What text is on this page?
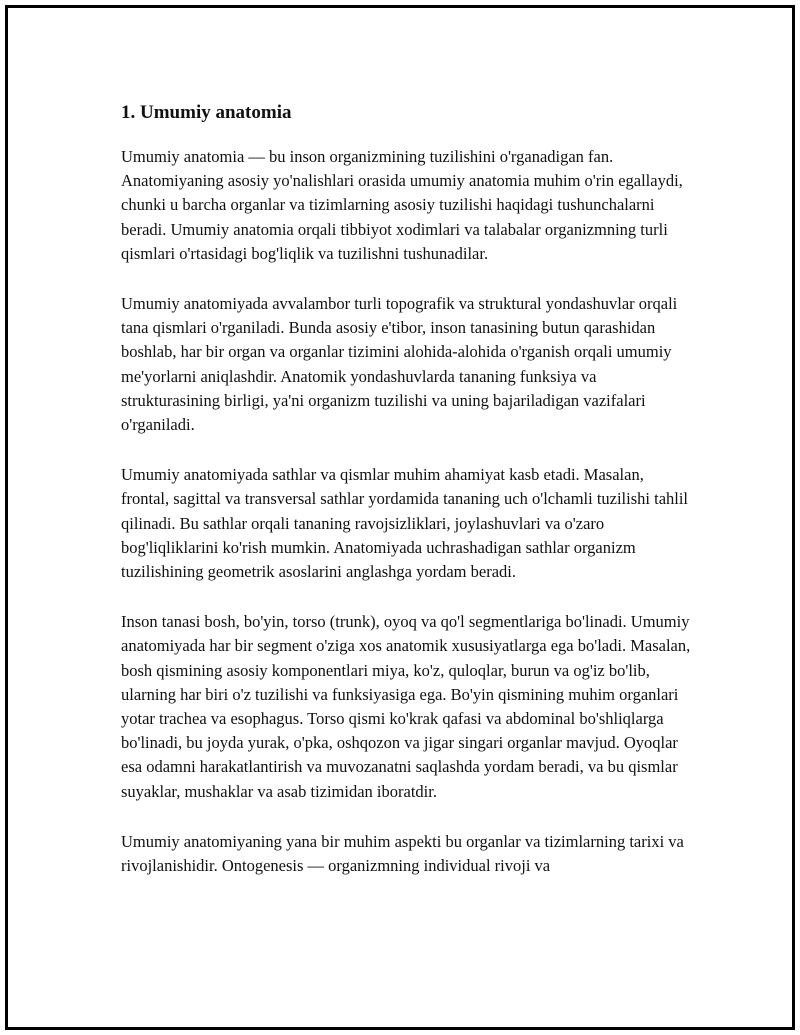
1. Umumiy anatomia

Umumiy anatomia — bu inson organizmining tuzilishini o'rganadigan fan. Anatomiyaning asosiy yo'nalishlari orasida umumiy anatomia muhim o'rin egallaydi, chunki u barcha organlar va tizimlarning asosiy tuzilishi haqidagi tushunchalarni beradi. Umumiy anatomia orqali tibbiyot xodimlari va talabalar organizmning turli qismlari o'rtasidagi bog'liqlik va tuzilishni tushunadilar.

Umumiy anatomiyada avvalambor turli topografik va struktural yondashuvlar orqali tana qismlari o'rganiladi. Bunda asosiy e'tibor, inson tanasining butun qarashidan boshlab, har bir organ va organlar tizimini alohida-alohida o'rganish orqali umumiy me'yorlarni aniqlashdir. Anatomik yondashuvlarda tananing funksiya va strukturasining birligi, ya'ni organizm tuzilishi va uning bajariladigan vazifalari o'rganiladi.

Umumiy anatomiyada sathlar va qismlar muhim ahamiyat kasb etadi. Masalan, frontal, sagittal va transversal sathlar yordamida tananing uch o'lchamli tuzilishi tahlil qilinadi. Bu sathlar orqali tananing ravojsizliklari, joylashuvlari va o'zaro bog'liqliklarini ko'rish mumkin. Anatomiyada uchrashadigan sathlar organizm tuzilishining geometrik asoslarini anglashga yordam beradi.

Inson tanasi bosh, bo'yin, torso (trunk), oyoq va qo'l segmentlariga bo'linadi. Umumiy anatomiyada har bir segment o'ziga xos anatomik xususiyatlarga ega bo'ladi. Masalan, bosh qismining asosiy komponentlari miya, ko'z, quloqlar, burun va og'iz bo'lib, ularning har biri o'z tuzilishi va funksiyasiga ega. Bo'yin qismining muhim organlari yotar trachea va esophagus. Torso qismi ko'krak qafasi va abdominal bo'shliqlarga bo'linadi, bu joyda yurak, o'pka, oshqozon va jigar singari organlar mavjud. Oyoqlar esa odamni harakatlantirish va muvozanatni saqlashda yordam beradi, va bu qismlar suyaklar, mushaklar va asab tizimidan iboratdir.

Umumiy anatomiyaning yana bir muhim aspekti bu organlar va tizimlarning tarixi va rivojlanishidir. Ontogenesis — organizmning individual rivoji va
